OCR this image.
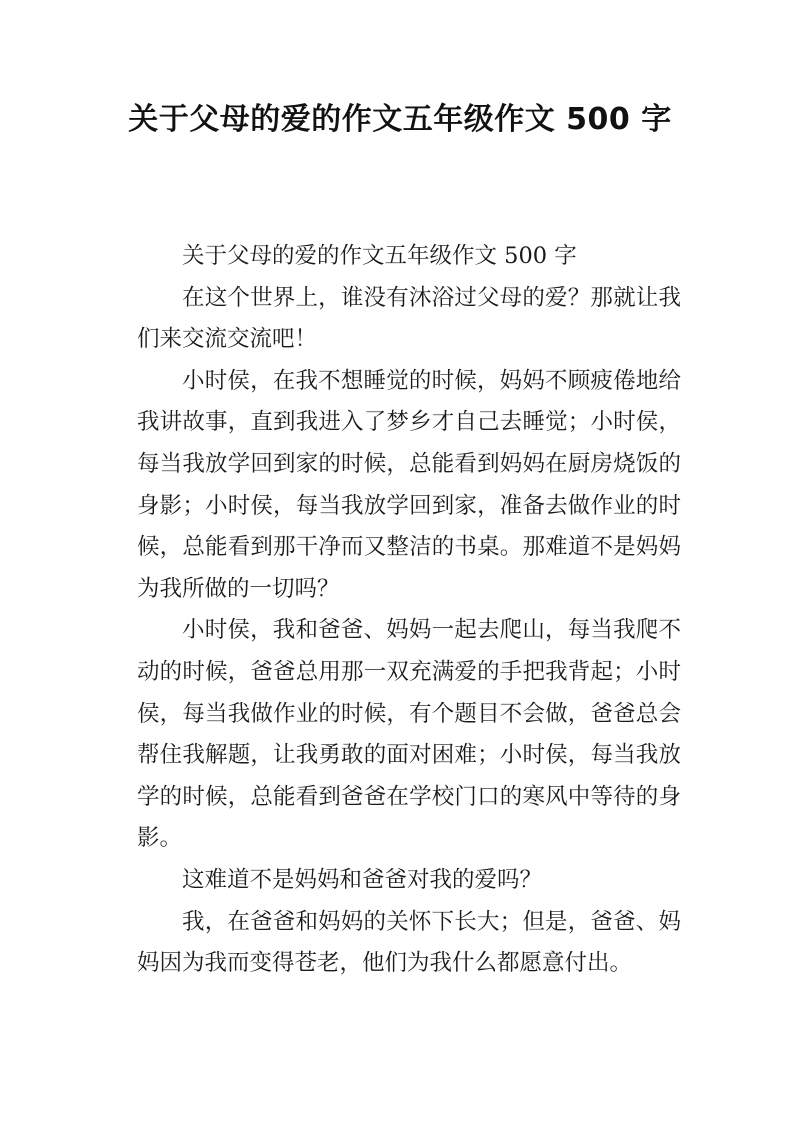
关于父母的爱的作文五年级作文 500 字

关于父母的爱的作文五年级作文 500 字

在这个世界上，谁没有沐浴过父母的爱？那就让我们来交流交流吧！

小时侯，在我不想睡觉的时候，妈妈不顾疲倦地给我讲故事，直到我进入了梦乡才自己去睡觉；小时侯，每当我放学回到家的时候，总能看到妈妈在厨房烧饭的身影；小时侯，每当我放学回到家，准备去做作业的时候，总能看到那干净而又整洁的书桌。那难道不是妈妈为我所做的一切吗？

小时侯，我和爸爸、妈妈一起去爬山，每当我爬不动的时候，爸爸总用那一双充满爱的手把我背起；小时侯，每当我做作业的时候，有个题目不会做，爸爸总会帮住我解题，让我勇敢的面对困难；小时侯，每当我放学的时候，总能看到爸爸在学校门口的寒风中等待的身影。

这难道不是妈妈和爸爸对我的爱吗？

我，在爸爸和妈妈的关怀下长大；但是，爸爸、妈妈因为我而变得苍老，他们为我什么都愿意付出。
